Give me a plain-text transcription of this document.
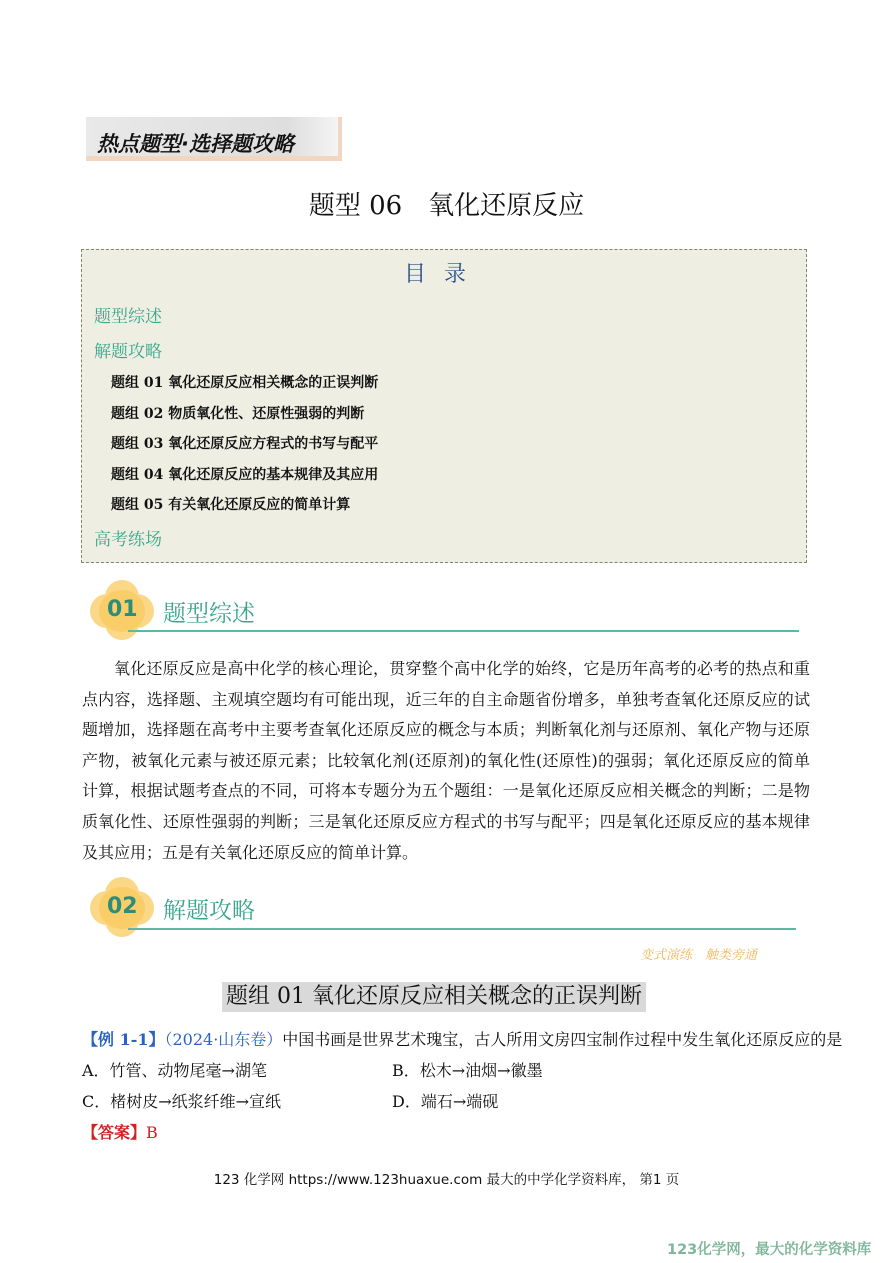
热点题型·选择题攻略
题型 06　氧化还原反应
目录
题型综述
解题攻略
题组 01 氧化还原反应相关概念的正误判断
题组 02 物质氧化性、还原性强弱的判断
题组 03 氧化还原反应方程式的书写与配平
题组 04 氧化还原反应的基本规律及其应用
题组 05 有关氧化还原反应的简单计算
高考练场
01 题型综述
氧化还原反应是高中化学的核心理论，贯穿整个高中化学的始终，它是历年高考的必考的热点和重点内容，选择题、主观填空题均有可能出现，近三年的自主命题省份增多，单独考查氧化还原反应的试题增加，选择题在高考中主要考查氧化还原反应的概念与本质；判断氧化剂与还原剂、氧化产物与还原产物，被氧化元素与被还原元素；比较氧化剂(还原剂)的氧化性(还原性)的强弱；氧化还原反应的简单计算，根据试题考查点的不同，可将本专题分为五个题组：一是氧化还原反应相关概念的判断；二是物质氧化性、还原性强弱的判断；三是氧化还原反应方程式的书写与配平；四是氧化还原反应的基本规律及其应用；五是有关氧化还原反应的简单计算。
02 解题攻略
变式演练　触类旁通
题组 01 氧化还原反应相关概念的正误判断
【例 1-1】（2024·山东卷）中国书画是世界艺术瑰宝，古人所用文房四宝制作过程中发生氧化还原反应的是
A．竹管、动物尾毫→湖笔	B．松木→油烟→徽墨
C．楮树皮→纸浆纤维→宣纸	D．端石→端砚
【答案】B
123 化学网 https://www.123huaxue.com 最大的中学化学资料库， 第1 页
123化学网，最大的化学资料库
